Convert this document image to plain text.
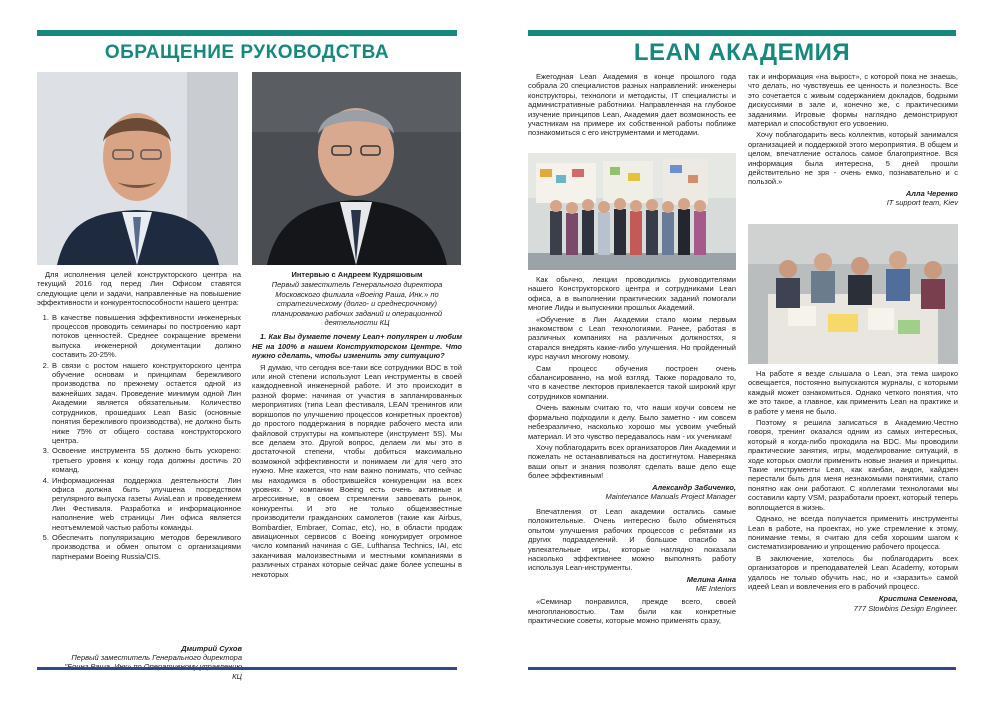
ОБРАЩЕНИЕ РУКОВОДСТВА	LEAN АКАДЕМИЯ

Для исполнения целей конструкторского центра на текущий 2016 год перед Лин Офисом ставятся следующие цели и задачи, направленные на повышение эффективности и конкурентоспособности нашего центра:

1. В качестве повышения эффективности инженерных процессов проводить семинары по построению карт потоков ценностей. Среднее сокращение времени выпуска инженерной документации должно составить 20-25%.
2. В связи с ростом нашего конструкторского центра обучение основам и принципам бережливого производства по прежнему остается одной из важнейших задач. Проведение минимум одной Лин Академии является обязательным. Количество сотрудников, прошедших Lean Basic (основные понятия бережливого производства), не должно быть ниже 75% от общего состава конструкторского центра.
3. Освоение инструмента 5S должно быть ускорено: третьего уровня к концу года должны достичь 20 команд.
4. Информационная поддержка деятельности Лин офиса должна быть улучшена посредством регулярного выпуска газеты AviaLean и проведением Лин Фестиваля. Разработка и информационное наполнение web страницы Лин офиса является неотъемлемой частью работы команды.
5. Обеспечить популяризацию методов бережливого производства и обмен опытом с организациями партнерами Boeing Russia/CIS.
Дмитрий Сухов
Первый заместитель Генерального директора КЦ
Интервью с Андреем Кудряшовым
Первый заместитель Генерального директора Московского филиала «Boeing Раша, Инк.» по стратегическому (долго- и среднесрочному) планированию рабочих заданий и операционной деятельности КЦ

1. Как Вы думаете почему Lean+ популярен и любим НЕ на 100% в нашем Конструкторском Центре. Что нужно сделать, чтобы изменить эту ситуацию?

Я думаю, что сегодня все-таки все сотрудники BDC в той или иной степени используют Lean инструменты в своей каждодневной инженерной работе. И это происходит в разной форме: начиная от участия в запланированных мероприятиях (типа Lean фестиваля, LEAN тренингов или воркшопов по улучшению процессов конкретных проектов) до простого поддержания в порядке рабочего места или файловой структуры на компьютере (инструмент 5S). Мы все делаем это. Другой вопрос, делаем ли мы это в достаточной степени, чтобы добиться максимально возможной эффективности и понимаем ли для чего это нужно. Мне кажется, что нам важно понимать, что сейчас мы находимся в обострившейся конкуренции на всех уровнях. У компании Boeing есть очень активные и агрессивные, в своем стремлении завоевать рынок, конкуренты. И это не только общеизвестные производители гражданских самолетов (такие как Airbus, Bombardier, Embraer, Comac, etc), но, в области продаж авиационных сервисов с Boeing конкурирует огромное число компаний начиная с GE, Lufthansa Technics, IAI, etc заканчивая малоизвестными и местными компаниями в различных странах которые сейчас даже более успешны в некоторых

Ежегодная Lean Академия в конце прошлого года собрала 20 специалистов разных направлений: инженеры конструкторы, технологи и методисты, IT специалисты и административные работники. Направленная на глубокое изучение принципов Lean, Академия дает возможность ее участникам на примере их собственной работы поближе познакомиться с его инструментами и методами.

Как обычно, лекции проводились руководителями нашего Конструкторского центра и сотрудниками Lean офиса, а в выполнении практических заданий помогали многие Лиды и выпускники прошлых Академий.

«Обучение в Лин Академии стало моим первым знакомством с Lean технологиями. Ранее, работая в различных компаниях на различных должностях, я старался внедрять какие-либо улучшения. Но пройденный курс научил многому новому.

Сам процесс обучения построен очень сбалансированно, на мой взгляд. Также порадовало то, что в качестве лекторов привлекается такой широкий круг сотрудников компании.

Очень важным считаю то, что наши коучи совсем не формально подходили к делу. Было заметно - им совсем небезразлично, насколько хорошо мы усвоим учебный материал. И это чувство передавалось нам - их ученикам!

Хочу поблагодарить всех организаторов Лин Академии и пожелать не останавливаться на достигнутом. Наверняка ваши опыт и знания позволят сделать ваше дело еще более эффективным!

Александр Забиченко,
Maintenance Manuals Project Manager

Впечатления от Lean академии остались самые положительные. Очень интересно было обменяться опытом улучшения рабочих процессов с ребятами из других подразделений. И большое спасибо за увлекательные игры, которые наглядно показали насколько эффективнее можно выполнять работу используя Lean-инструменты.

Мелина Анна
ME Interiors

«Семинар понравился, прежде всего, своей многоплановостью. Там были как конкретные практические советы, которые можно применять сразу,

так и информация «на вырост», с которой пока не знаешь, что делать, но чувствуешь ее ценность и полезность. Все это сочетается с живым содержанием докладов, бодрыми дискуссиями в зале и, конечно же, с практическими заданиями. Игровые формы наглядно демонстрируют материал и способствуют его усвоению.

Хочу поблагодарить весь коллектив, который занимался организацией и поддержкой этого мероприятия. В общем и целом, впечатление осталось самое благоприятное. Вся информация была интересна, 5 дней прошли действительно не зря - очень емко, познавательно и с пользой.»

Алла Черенко
IT support team, Kiev

На работе я везде слышала о Lean, эта тема широко освещается, постоянно выпускаются журналы, с которыми каждый может ознакомиться. Однако четкого понятия, что же это такое, а главное, как применить Lean на практике и в работе у меня не было.

Поэтому я решила записаться в Академию.Честно говоря, тренинг оказался одним из самых интересных, который я когда-либо проходила на BDC. Мы проводили практические занятия, игры, моделирование ситуаций, в ходе которых смогли применить новые знания и принципы. Такие инструменты Lean, как канбан, андон, кайдзен перестали быть для меня незнакомыми понятиями, стало понятно как они работают. С коллегами технологами мы составили карту VSM, разработали проект, который теперь воплощается в жизнь.

Однако, не всегда получается применить инструменты Lean в работе, на проектах, но уже стремление к этому, понимание темы, я считаю для себя хорошим шагом к систематизированию и упрощению рабочего процесса.

В заключение, хотелось бы поблагодарить всех организаторов и преподавателей Lean Academy, которым удалось не только обучить нас, но и «заразить» самой идеей Lean и вовлечения его в рабочий процесс.

Кристина Семенова,
777 Stowbins Design Engineer.
